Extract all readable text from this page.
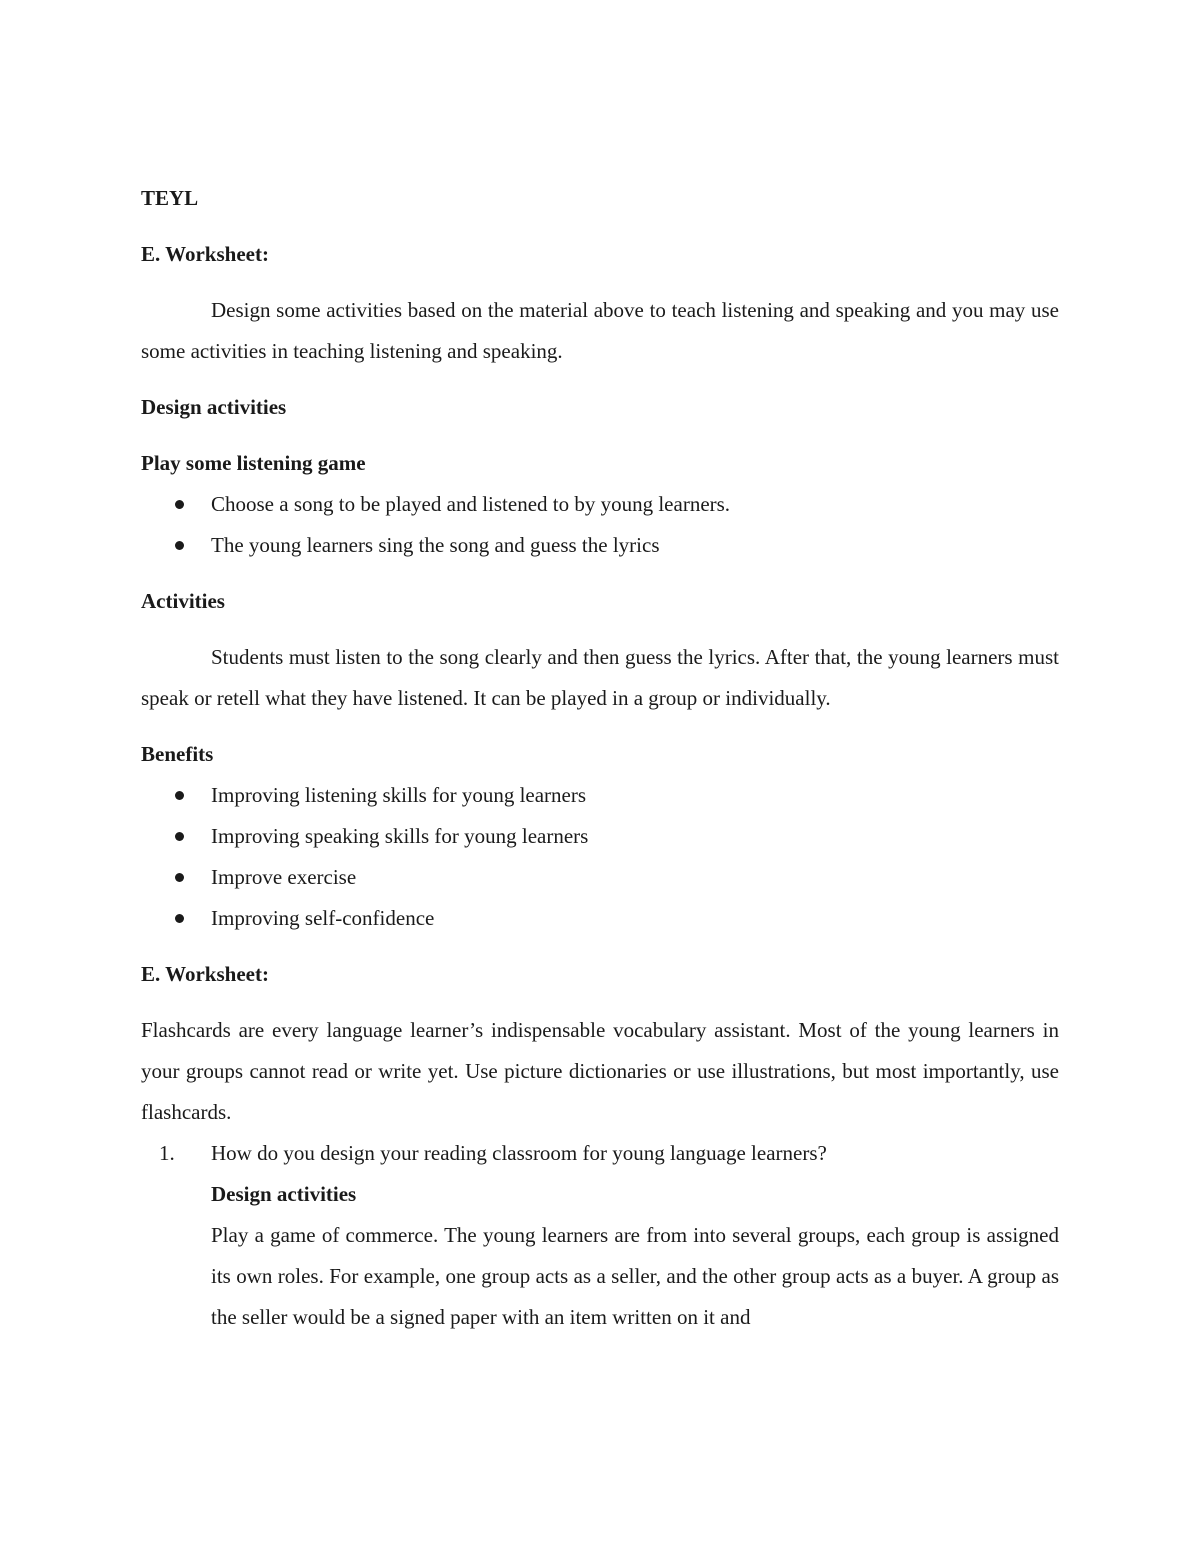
TEYL

E. Worksheet:

Design some activities based on the material above to teach listening and speaking and you may use some activities in teaching listening and speaking.

Design activities

Play some listening game

Choose a song to be played and listened to by young learners.
The young learners sing the song and guess the lyrics

Activities

Students must listen to the song clearly and then guess the lyrics. After that, the young learners must speak or retell what they have listened. It can be played in a group or individually.

Benefits

Improving listening skills for young learners
Improving speaking skills for young learners
Improve exercise
Improving self-confidence

E. Worksheet:

Flashcards are every language learner’s indispensable vocabulary assistant. Most of the young learners in your groups cannot read or write yet. Use picture dictionaries or use illustrations, but most importantly, use flashcards.

1. How do you design your reading classroom for young language learners?
Design activities
Play a game of commerce. The young learners are from into several groups, each group is assigned its own roles. For example, one group acts as a seller, and the other group acts as a buyer. A group as the seller would be a signed paper with an item written on it and
